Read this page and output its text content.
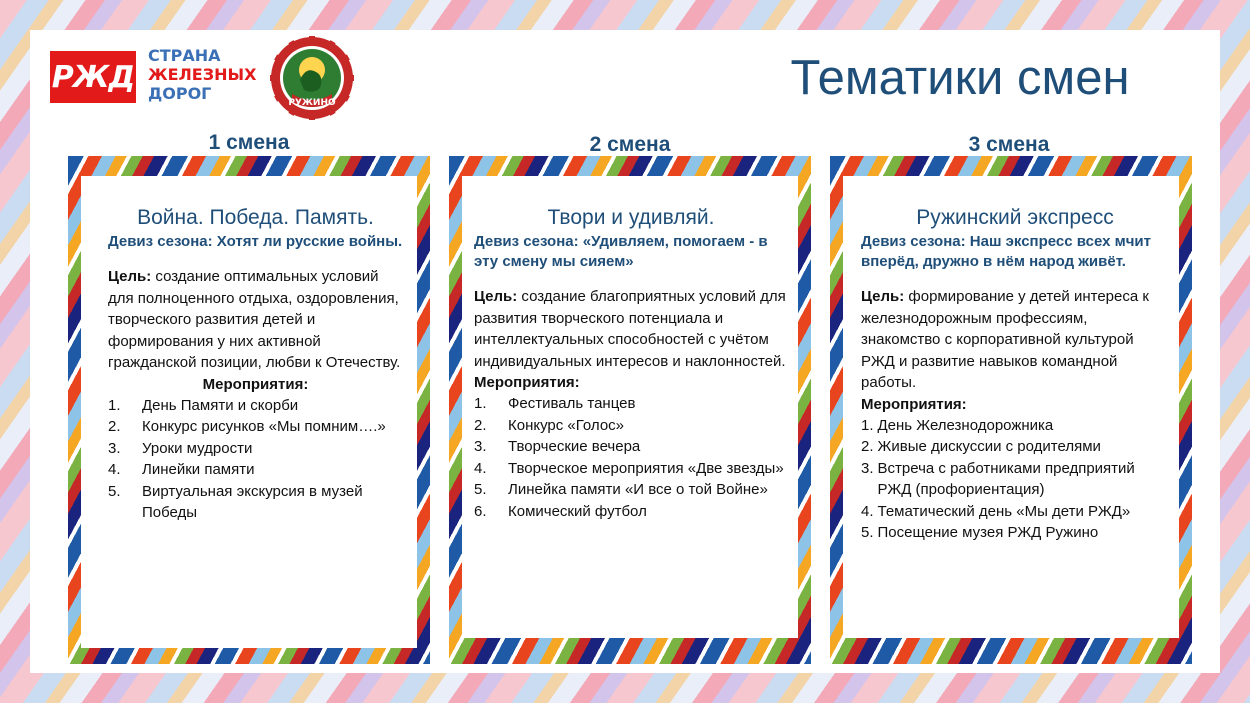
РЖД
СТРАНА
ЖЕЛЕЗНЫХ
ДОРОГ	РУЖИНО	Тематики смен
1 смена
Война. Победа. Память.
Девиз сезона: Хотят ли русские войны.
Цель: создание оптимальных условий для полноценного отдыха, оздоровления, творческого развития детей и формирования у них активной гражданской позиции, любви к Отечеству.
Мероприятия:
1.	День Памяти и скорби
2.	Конкурс рисунков «Мы помним….»
3.	Уроки мудрости
4.	Линейки памяти
5.	Виртуальная экскурсия в музей Победы
2 смена
Твори и удивляй.
Девиз сезона: «Удивляем, помогаем - в эту смену мы сияем»
Цель: создание благоприятных условий для развития творческого потенциала и интеллектуальных способностей с учётом индивидуальных интересов и наклонностей.
Мероприятия:
1.	Фестиваль танцев
2.	Конкурс «Голос»
3.	Творческие вечера
4.	Творческое мероприятия «Две звезды»
5.	Линейка памяти «И все о той Войне»
6.	Комический футбол
3 смена
Ружинский экспресс
Девиз сезона: Наш экспресс всех мчит вперёд, дружно в нём народ живёт.
Цель: формирование у детей интереса к железнодорожным профессиям, знакомство с корпоративной культурой РЖД и развитие навыков командной работы.
Мероприятия:
1. День Железнодорожника
2. Живые дискуссии с родителями
3. Встреча с работниками предприятий РЖД (профориентация)
4. Тематический день «Мы дети РЖД»
5. Посещение музея РЖД Ружино
